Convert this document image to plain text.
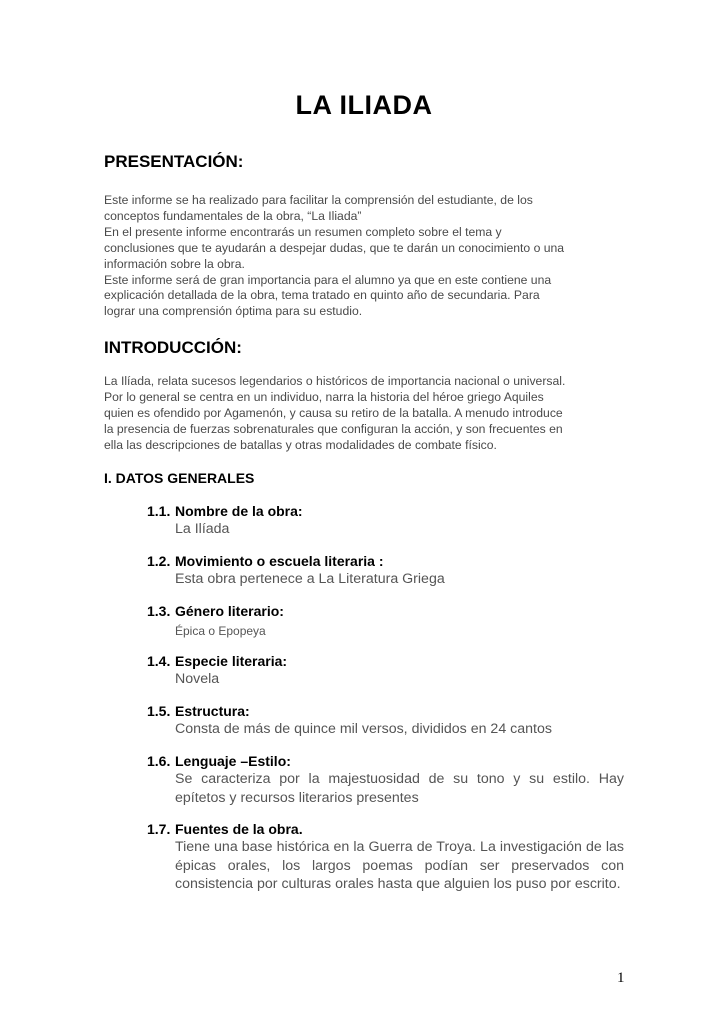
LA ILIADA
PRESENTACIÓN:
Este informe se ha realizado para facilitar la comprensión del estudiante, de los
conceptos fundamentales de la obra, “La Iliada”
En el presente informe encontrarás un resumen completo sobre el tema y
conclusiones que te ayudarán a despejar dudas, que te darán un conocimiento o una
información sobre la obra.
Este informe será de gran importancia para el alumno ya que en este contiene una
explicación detallada de la obra, tema tratado en quinto año de secundaria. Para
lograr una comprensión óptima para su estudio.
INTRODUCCIÓN:
La Ilíada, relata sucesos legendarios o históricos de importancia nacional o universal.
Por lo general se centra en un individuo, narra la historia del héroe griego Aquiles
quien es ofendido por Agamenón, y causa su retiro de la batalla. A menudo introduce
la presencia de fuerzas sobrenaturales que configuran la acción, y son frecuentes en
ella las descripciones de batallas y otras modalidades de combate físico.
I. DATOS GENERALES
1.1. Nombre de la obra:
La Ilíada
1.2. Movimiento o escuela literaria :
Esta obra pertenece a La Literatura Griega
1.3. Género literario:
Épica o Epopeya
1.4. Especie literaria:
Novela
1.5. Estructura:
Consta de más de quince mil versos, divididos en 24 cantos
1.6. Lenguaje –Estilo:
Se caracteriza por la majestuosidad de su tono y su estilo. Hay epítetos y recursos literarios presentes
1.7. Fuentes de la obra.
Tiene una base histórica en la Guerra de Troya. La investigación de las épicas orales, los largos poemas podían ser preservados con consistencia por culturas orales hasta que alguien los puso por escrito.
1
